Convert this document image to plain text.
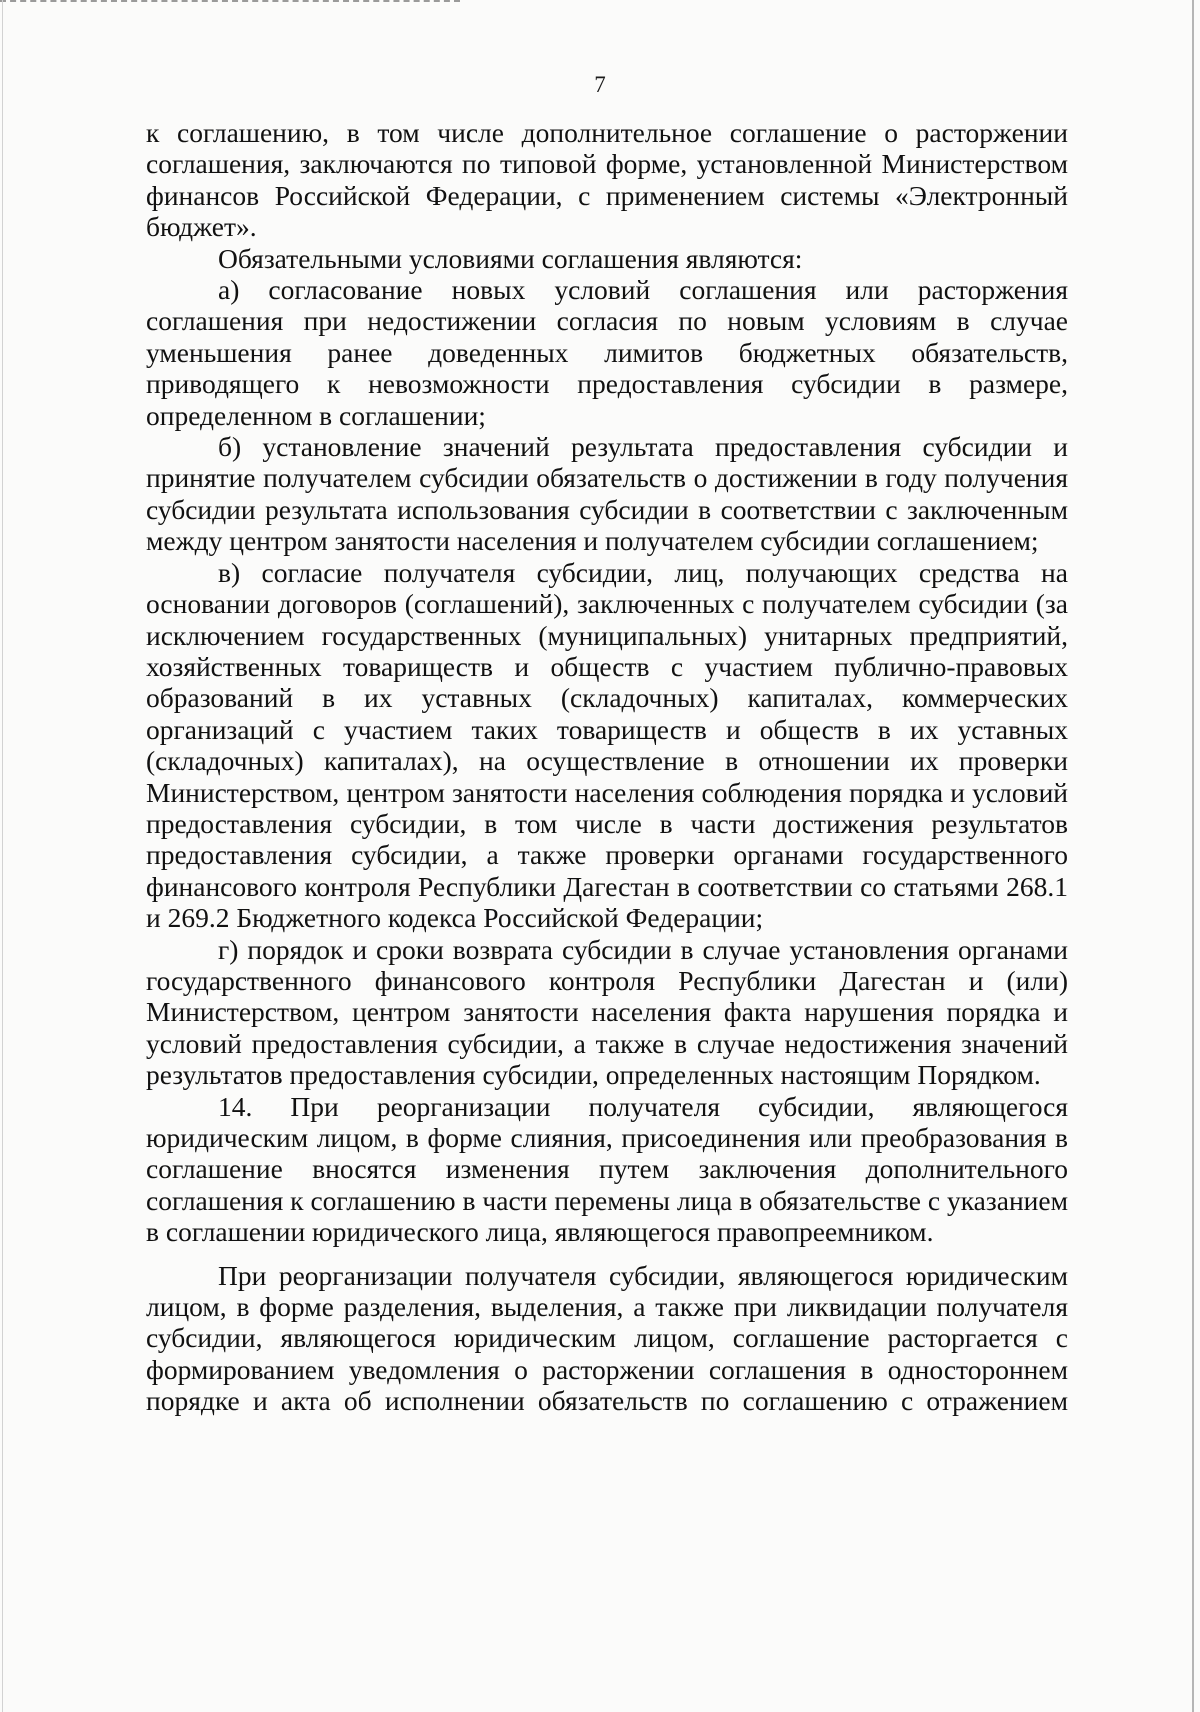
7

к соглашению, в том числе дополнительное соглашение о расторжении соглашения, заключаются по типовой форме, установленной Министерством финансов Российской Федерации, с применением системы «Электронный бюджет».

Обязательными условиями соглашения являются:

а) согласование новых условий соглашения или расторжения соглашения при недостижении согласия по новым условиям в случае уменьшения ранее доведенных лимитов бюджетных обязательств, приводящего к невозможности предоставления субсидии в размере, определенном в соглашении;

б) установление значений результата предоставления субсидии и принятие получателем субсидии обязательств о достижении в году получения субсидии результата использования субсидии в соответствии с заключенным между центром занятости населения и получателем субсидии соглашением;

в) согласие получателя субсидии, лиц, получающих средства на основании договоров (соглашений), заключенных с получателем субсидии (за исключением государственных (муниципальных) унитарных предприятий, хозяйственных товариществ и обществ с участием публично-правовых образований в их уставных (складочных) капиталах, коммерческих организаций с участием таких товариществ и обществ в их уставных (складочных) капиталах), на осуществление в отношении их проверки Министерством, центром занятости населения соблюдения порядка и условий предоставления субсидии, в том числе в части достижения результатов предоставления субсидии, а также проверки органами государственного финансового контроля Республики Дагестан в соответствии со статьями 268.1 и 269.2 Бюджетного кодекса Российской Федерации;

г) порядок и сроки возврата субсидии в случае установления органами государственного финансового контроля Республики Дагестан и (или) Министерством, центром занятости населения факта нарушения порядка и условий предоставления субсидии, а также в случае недостижения значений результатов предоставления субсидии, определенных настоящим Порядком.

14. При реорганизации получателя субсидии, являющегося юридическим лицом, в форме слияния, присоединения или преобразования в соглашение вносятся изменения путем заключения дополнительного соглашения к соглашению в части перемены лица в обязательстве с указанием в соглашении юридического лица, являющегося правопреемником.

При реорганизации получателя субсидии, являющегося юридическим лицом, в форме разделения, выделения, а также при ликвидации получателя субсидии, являющегося юридическим лицом, соглашение расторгается с формированием уведомления о расторжении соглашения в одностороннем порядке и акта об исполнении обязательств по соглашению с отражением
